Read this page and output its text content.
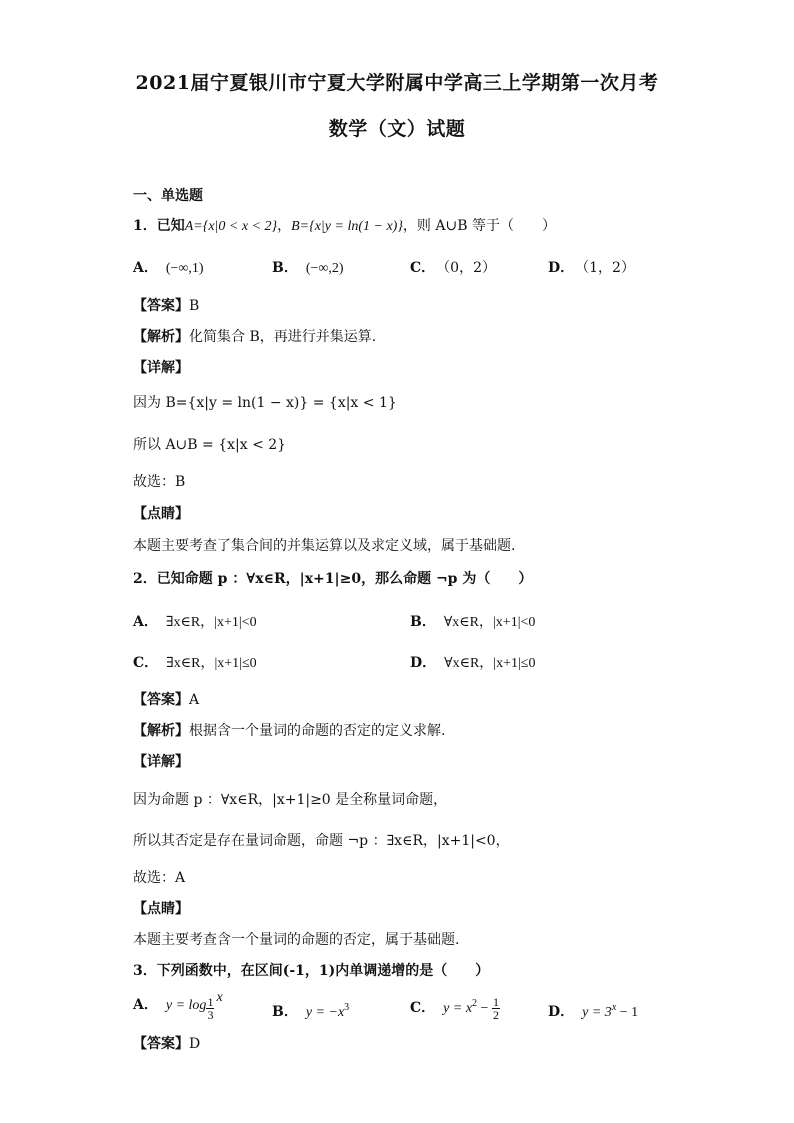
2021届宁夏银川市宁夏大学附属中学高三上学期第一次月考
数学（文）试题
一、单选题
1．已知A={x|0 < x < 2}，B={x|y = ln(1 − x)}，则 A∪B 等于（　　）
A． (−∞,1)	B． (−∞,2)	C． （0，2）	D． （1，2）
【答案】B
【解析】化简集合 B，再进行并集运算.
【详解】
因为 B={x|y = ln(1 − x)} = {x|x < 1}
所以 A∪B = {x|x < 2}
故选：B
【点睛】
本题主要考查了集合间的并集运算以及求定义域，属于基础题.
2．已知命题 p ：∀x∈R，|x+1|≥0，那么命题 ¬p 为（　　）
A． ∃x∈R，|x+1|<0	B． ∀x∈R，|x+1|<0
C． ∃x∈R，|x+1|≤0	D． ∀x∈R，|x+1|≤0
【答案】A
【解析】根据含一个量词的命题的否定的定义求解.
【详解】
因为命题 p ：∀x∈R，|x+1|≥0 是全称量词命题，
所以其否定是存在量词命题，命题 ¬p ：∃x∈R，|x+1|<0，
故选：A
【点睛】
本题主要考查含一个量词的命题的否定，属于基础题.
3．下列函数中，在区间(-1，1)内单调递增的是（　　）
A． $y = \log \frac{1}{3}$ x
B． $y = -x^3$	C． $y = x^2 - \frac{1}{2}$	D． $y = 3^x - 1$
【答案】D
